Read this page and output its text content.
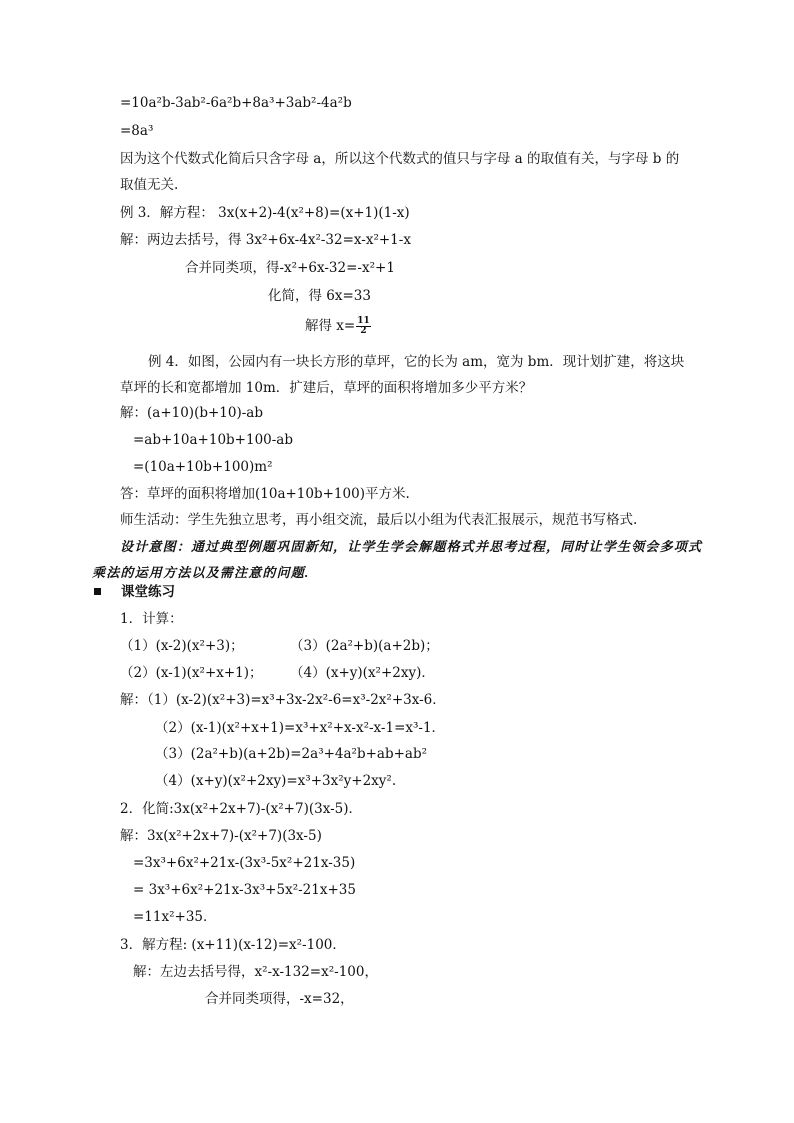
=10a²b-3ab²-6a²b+8a³+3ab²-4a²b
=8a³
因为这个代数式化简后只含字母 a，所以这个代数式的值只与字母 a 的取值有关，与字母 b 的
取值无关.
例 3．解方程： 3x(x+2)-4(x²+8)=(x+1)(1-x)
解：两边去括号，得 3x²+6x-4x²-32=x-x²+1-x
合并同类项，得-x²+6x-32=-x²+1
化简，得 6x=33
解得 $x= \frac{11}{2}$
例 4．如图，公园内有一块长方形的草坪，它的长为 am，宽为 bm．现计划扩建，将这块
草坪的长和宽都增加 10m．扩建后，草坪的面积将增加多少平方米？
解：(a+10)(b+10)-ab
=ab+10a+10b+100-ab
=(10a+10b+100)m²
答：草坪的面积将增加(10a+10b+100)平方米.
师生活动：学生先独立思考，再小组交流，最后以小组为代表汇报展示，规范书写格式.
设计意图：通过典型例题巩固新知，让学生学会解题格式并思考过程，同时让学生领会多项式
乘法的运用方法以及需注意的问题.
课堂练习
1．计算：
（1）(x-2)(x²+3)；	（3）(2a²+b)(a+2b)；
（2）(x-1)(x²+x+1)； （4）(x+y)(x²+2xy)．
解：（1）(x-2)(x²+3)=x³+3x-2x²-6=x³-2x²+3x-6．
（2）(x-1)(x²+x+1)=x³+x²+x-x²-x-1=x³-1．
（3）(2a²+b)(a+2b)=2a³+4a²b+ab+ab²
（4）(x+y)(x²+2xy)=x³+3x²y+2xy².
2．化简:3x(x²+2x+7)-(x²+7)(3x-5)．
解：3x(x²+2x+7)-(x²+7)(3x-5)
=3x³+6x²+21x-(3x³-5x²+21x-35)
= 3x³+6x²+21x-3x³+5x²-21x+35
=11x²+35．
3．解方程: (x+11)(x-12)=x²-100．
解：左边去括号得，x²-x-132=x²-100，
合并同类项得，-x=32，
